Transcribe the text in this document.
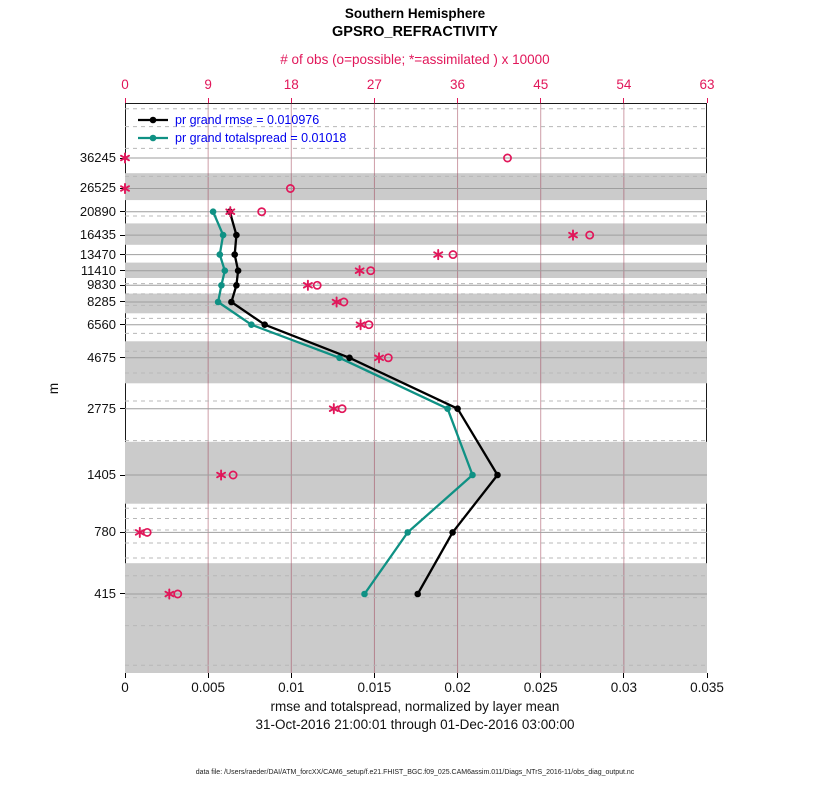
Southern Hemisphere
GPSRO_REFRACTIVITY
# of obs (o=possible; *=assimilated ) x 10000
m
rmse and totalspread, normalized by layer mean
31-Oct-2016 21:00:01 through 01-Dec-2016 03:00:00
data file: /Users/raeder/DAI/ATM_forcXX/CAM6_setup/f.e21.FHIST_BGC.f09_025.CAM6assim.011/Diags_NTrS_2016-11/obs_diag_output.nc
0	9	18	27	36	45	54	63
0	0.005	0.01	0.015	0.02	0.025	0.03	0.035
36245
26525
20890
16435
13470
11410
9830
8285
6560
4675
2775
1405
780
415
pr grand rmse = 0.010976
pr grand totalspread = 0.01018
